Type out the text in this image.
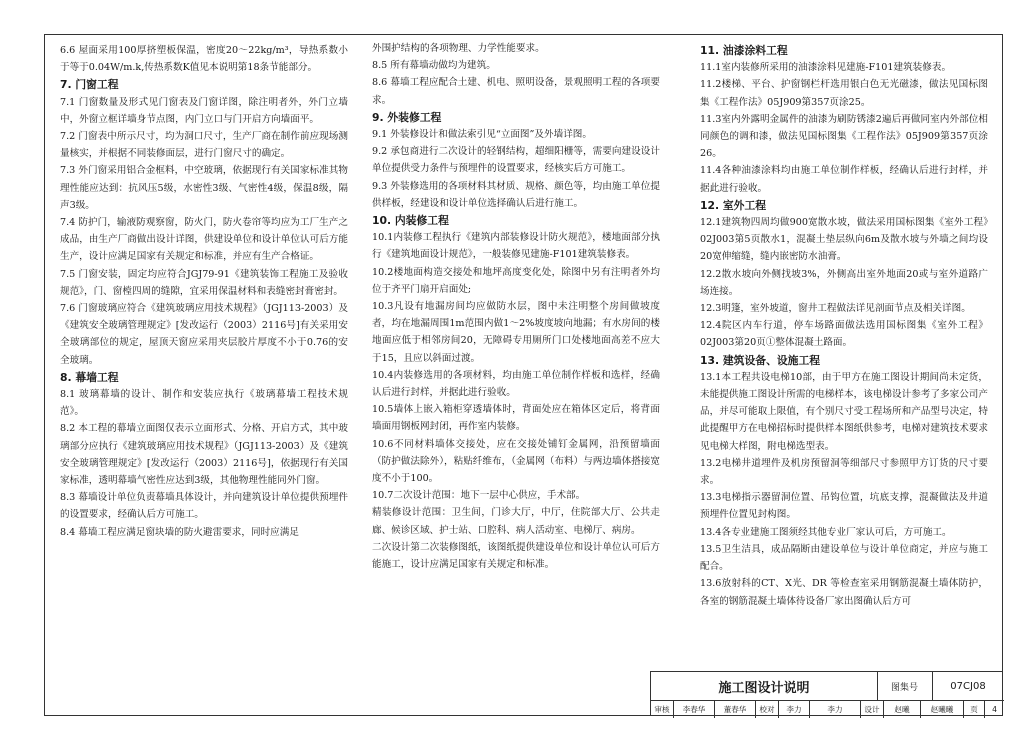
6.6 屋面采用100厚挤塑板保温，密度20～22kg/m³，导热系数小于等于0.04W/m.k,传热系数K值见本说明第18条节能部分。

7. 门窗工程

7.1 门窗数量及形式见门窗表及门窗详图，除注明者外，外门立墙中，外窗立框详墙身节点图，内门立口与门开启方向墙面平。

7.2 门窗表中所示尺寸，均为洞口尺寸，生产厂商在制作前应现场测量核实，并根据不同装修面层，进行门窗尺寸的确定。

7.3 外门窗采用铝合金框料，中空玻璃，依据现行有关国家标准其物理性能应达到：抗风压5级，水密性3级、气密性4级，保温8级，隔声3级。

7.4 防护门，输液防观察窗，防火门，防火卷帘等均应为工厂生产之成品，由生产厂商做出设计详图，供建设单位和设计单位认可后方能生产，设计应满足国家有关规定和标准，并应有生产合格证。

7.5 门窗安装，固定均应符合JGJ79-91《建筑装饰工程施工及验收规范》，门、窗樘四周的缝隙，宜采用保温材料和表缝密封膏密封。

7.6 门窗玻璃应符合《建筑玻璃应用技术规程》（JGJ113-2003）及《建筑安全玻璃管理规定》[发改运行（2003）2116号]有关采用安全玻璃部位的规定，屋顶天窗应采用夹层胶片厚度不小于0.76的安全玻璃。

8. 幕墙工程

8.1 玻璃幕墙的设计、制作和安装应执行《玻璃幕墙工程技术规范》。

8.2 本工程的幕墙立面图仅表示立面形式、分格、开启方式，其中玻璃部分应执行《建筑玻璃应用技术规程》（JGJ113-2003）及《建筑安全玻璃管理规定》[发改运行（2003）2116号]，依据现行有关国家标准，透明幕墙气密性应达到3级，其他物理性能同外门窗。

8.3 幕墙设计单位负责幕墙具体设计，并向建筑设计单位提供预埋件的设置要求，经确认后方可施工。

8.4 幕墙工程应满足窗块墙的防火避雷要求，同时应满足

外围护结构的各项物理、力学性能要求。

8.5 所有幕墙动做均为建筑。

8.6 幕墙工程应配合土建、机电、照明设备，景观照明工程的各项要求。

9. 外装修工程

9.1 外装修设计和做法索引见“立面图”及外墙详图。

9.2 承包商进行二次设计的轻钢结构，超细阳栅等，需要向建设设计单位提供受力条件与预埋件的设置要求，经核实后方可施工。

9.3 外装修选用的各项材料其材质、规格、颜色等，均由施工单位提供样板，经建设和设计单位选择确认后进行施工。

10. 内装修工程

10.1内装修工程执行《建筑内部装修设计防火规范》，楼地面部分执行《建筑地面设计规范》，一般装修见建施-F101建筑装修表。

10.2楼地面构造交接处和地坪高度变化处，除图中另有注明者外均位于齐平门扇开启面处;

10.3凡设有地漏房间均应做防水层，图中未注明整个房间做坡度者，均在地漏周围1m范围内做1～2%坡度坡向地漏；有水房间的楼地面应低于相邻房间20，无障碍专用厕所门口处楼地面高差不应大于15，且应以斜面过渡。

10.4内装修选用的各项材料，均由施工单位制作样板和选样，经确认后进行封样，并据此进行验收。

10.5墙体上嵌入箱柜穿透墙体时，背面处应在箱体区定后，将背面墙面用钢板网封闭，再作室内装修。

10.6不同材料墙体交接处，应在交接处铺钉金属网，沿预留墙面（防护做法除外），粘贴纤维布，（金属网（布料）与两边墙体搭接宽度不小于100。

10.7二次设计范围：地下一层中心供应，手术部。

精装修设计范围：卫生间，门诊大厅，中厅，住院部大厅、公共走廊、候诊区域、护士站、口腔科、病人活动室、电梯厅、病房。

二次设计第二次装修图纸，该图纸提供建设单位和设计单位认可后方能施工，设计应满足国家有关规定和标准。

11. 油漆涂料工程

11.1室内装修所采用的油漆涂料见建施-F101建筑装修表。

11.2楼梯、平台、护窗钢栏杆选用银白色无光磁漆，做法见国标图集《工程作法》05J909第357页涂25。

11.3室内外露明金属件的油漆为刷防锈漆2遍后再做同室内外部位相同颜色的调和漆，做法见国标图集《工程作法》05J909第357页涂26。

11.4各种油漆涂料均由施工单位制作样板，经确认后进行封样，并据此进行验收。

12. 室外工程

12.1建筑物四周均做900宽散水坡，做法采用国标图集《室外工程》02J003第5页散水1，混凝土垫层纵向6m及散水坡与外墙之间均设20宽伸缩缝，缝内嵌密防水油膏。

12.2散水坡向外侧找坡3%，外侧高出室外地面20或与室外道路广场连接。

12.3明篷，室外坡道，窗井工程做法详见剖面节点及相关详图。

12.4院区内车行道，停车场路面做法选用国标图集《室外工程》02J003第20页①整体混凝土路面。

13. 建筑设备、设施工程

13.1本工程共设电梯10部，由于甲方在施工图设计期间尚未定货，未能提供施工图设计所需的电梯样本，该电梯设计参考了多家公司产品，并尽可能取上限值，有个别尺寸受工程场所和产品型号决定，特此提醒甲方在电梯招标时提供样本图纸供参考，电梯对建筑技术要求见电梯大样图，附电梯选型表。

13.2电梯井道埋件及机房预留洞等细部尺寸参照甲方订货的尺寸要求。

13.3电梯指示器留洞位置、吊钩位置，坑底支撑，混凝做法及井道预埋件位置见封构图。

13.4各专业建施工图须经其他专业厂家认可后，方可施工。

13.5卫生洁具，成品隔断由建设单位与设计单位商定，并应与施工配合。

13.6放射科的CT、X光、DR 等检查室采用钢筋混凝土墙体防护，各室的钢筋混凝土墙体待设备厂家出图确认后方可

施工图设计说明	图集号	07CJ08
审核	李春华	董春华	校对	李力	李力	设计	赵曦	赵曦曦	页	4
